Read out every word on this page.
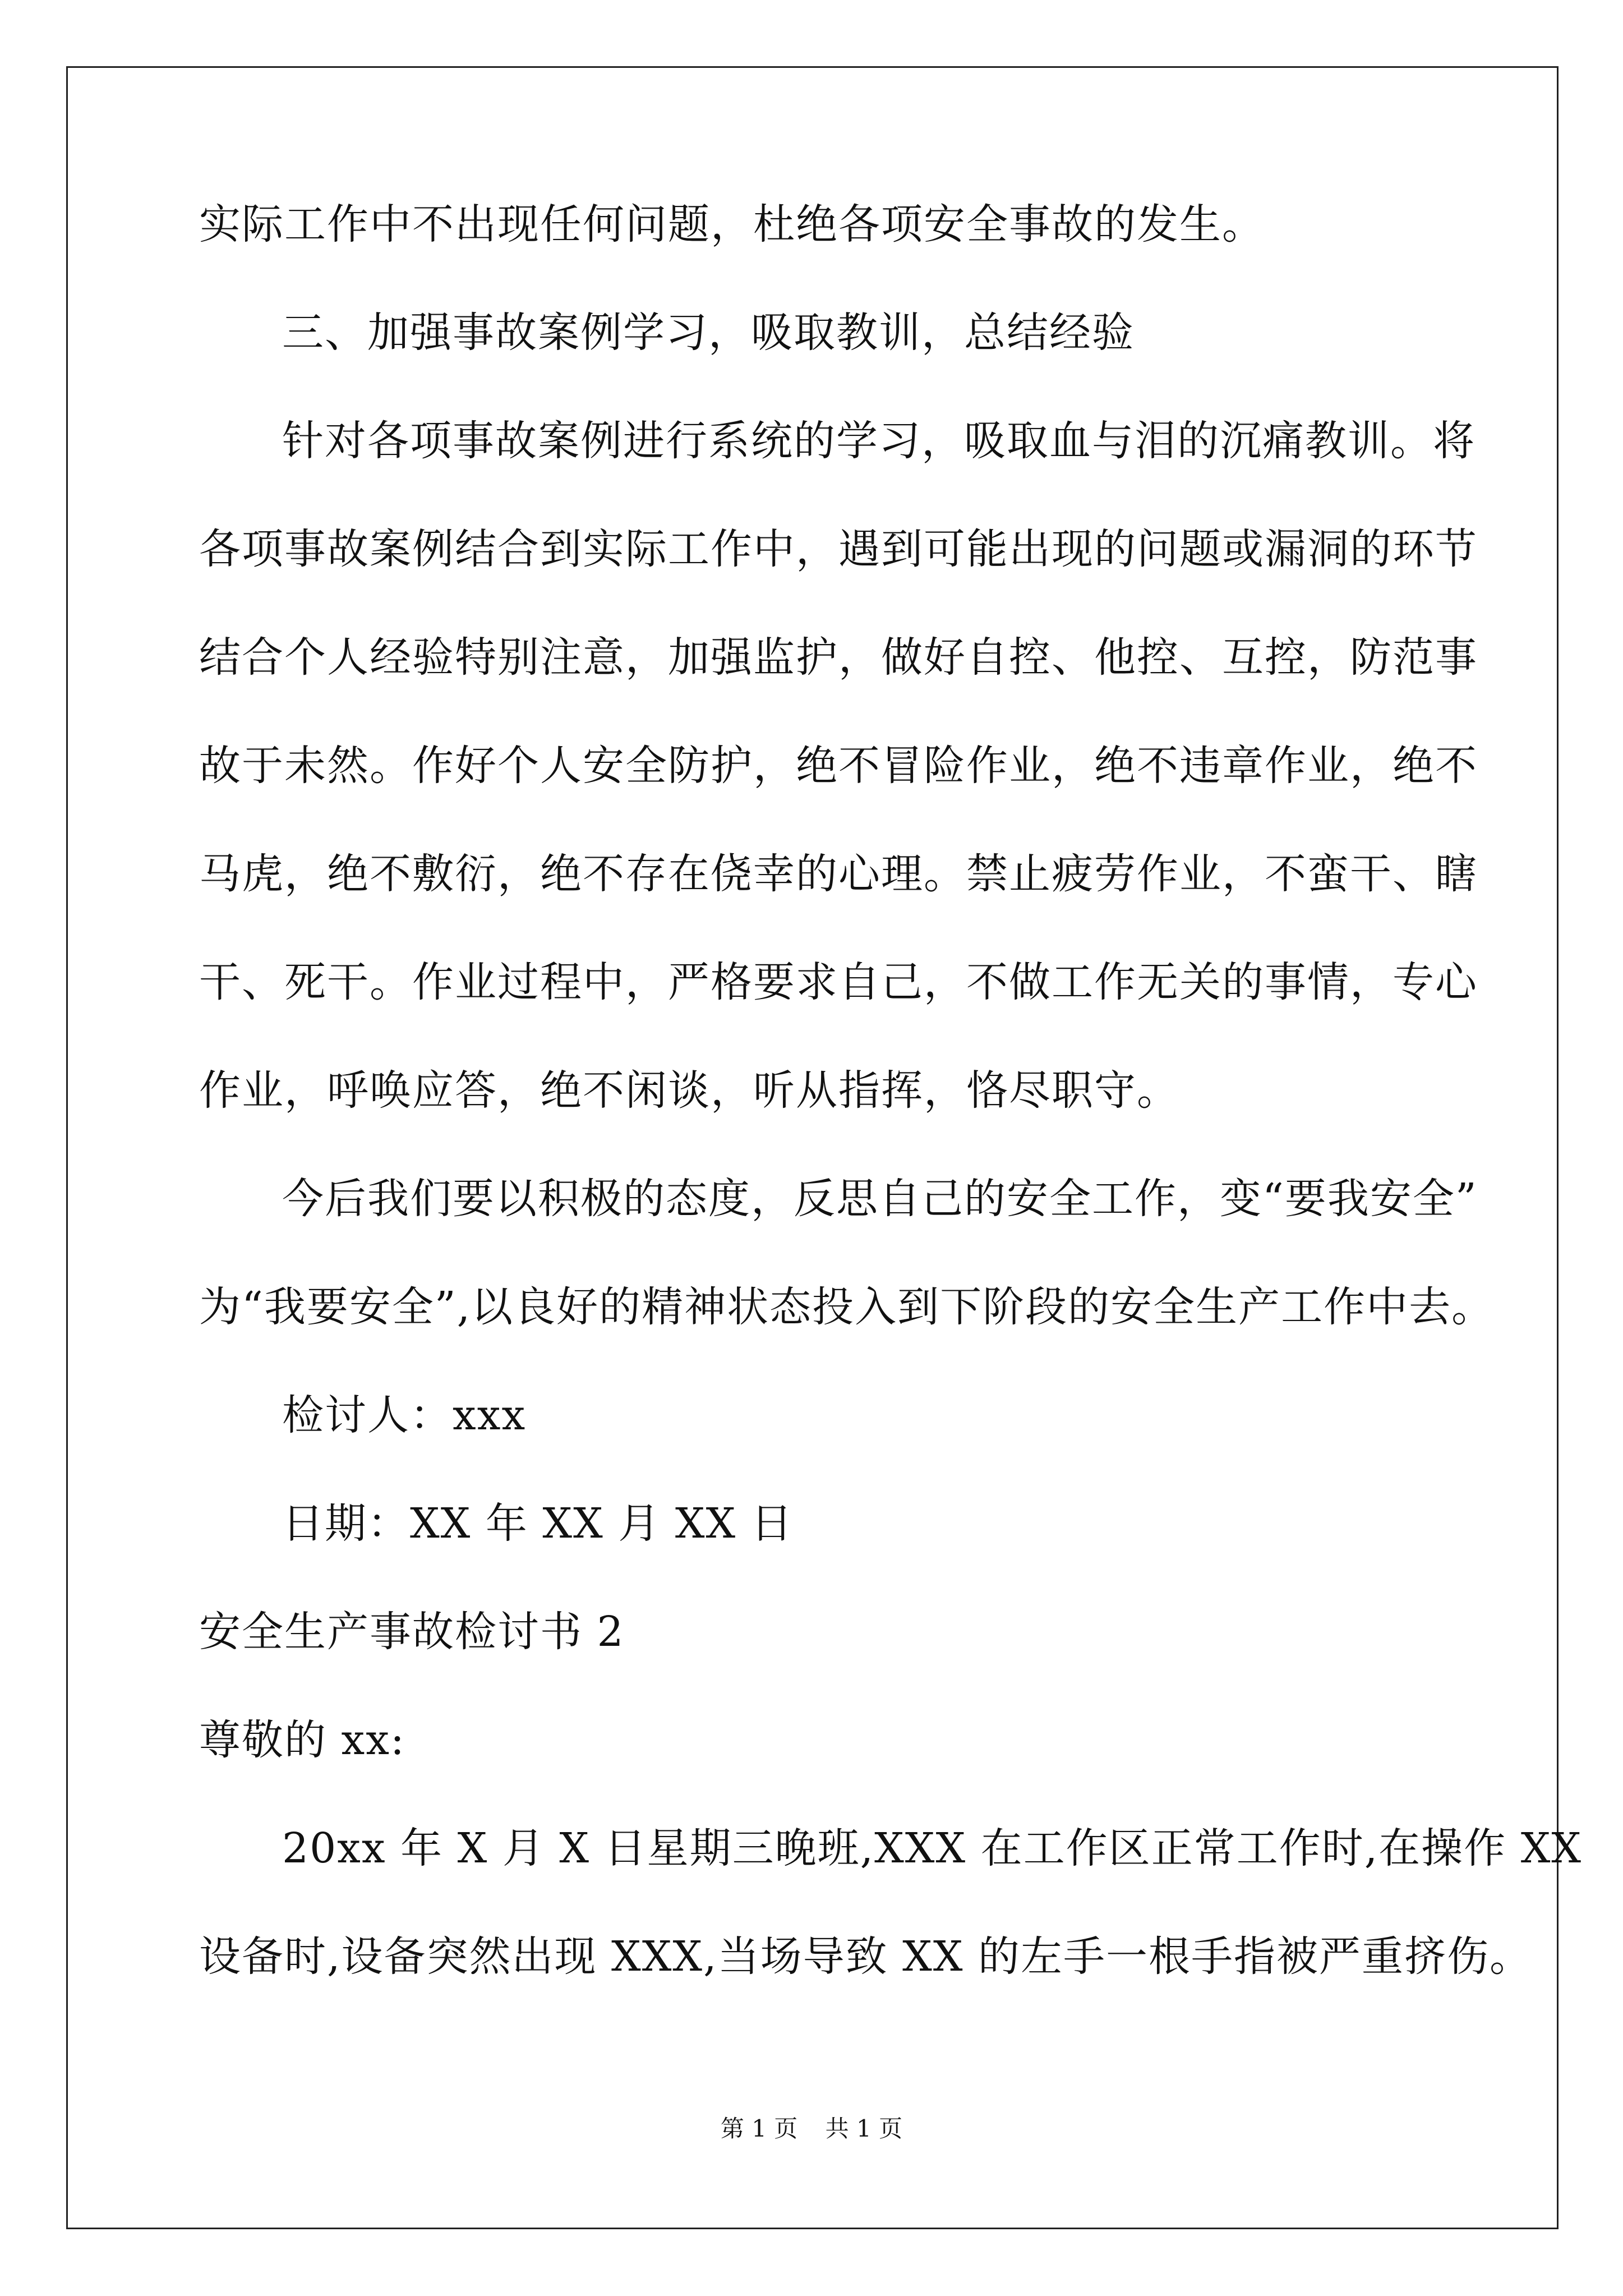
实际工作中不出现任何问题，杜绝各项安全事故的发生。
三、加强事故案例学习，吸取教训，总结经验
针对各项事故案例进行系统的学习，吸取血与泪的沉痛教训。将
各项事故案例结合到实际工作中，遇到可能出现的问题或漏洞的环节
结合个人经验特别注意，加强监护，做好自控、他控、互控，防范事
故于未然。作好个人安全防护，绝不冒险作业，绝不违章作业，绝不
马虎，绝不敷衍，绝不存在侥幸的心理。禁止疲劳作业，不蛮干、瞎
干、死干。作业过程中，严格要求自己，不做工作无关的事情，专心
作业，呼唤应答，绝不闲谈，听从指挥，恪尽职守。
今后我们要以积极的态度，反思自己的安全工作，变“要我安全”
为“我要安全”,以良好的精神状态投入到下阶段的安全生产工作中去。
检讨人：xxx
日期：XX 年 XX 月 XX 日
安全生产事故检讨书 2
尊敬的 xx:
20xx 年 X 月 X 日星期三晚班,XXX 在工作区正常工作时,在操作 XX
设备时,设备突然出现 XXX,当场导致 XX 的左手一根手指被严重挤伤。
第 1 页 共 1 页
